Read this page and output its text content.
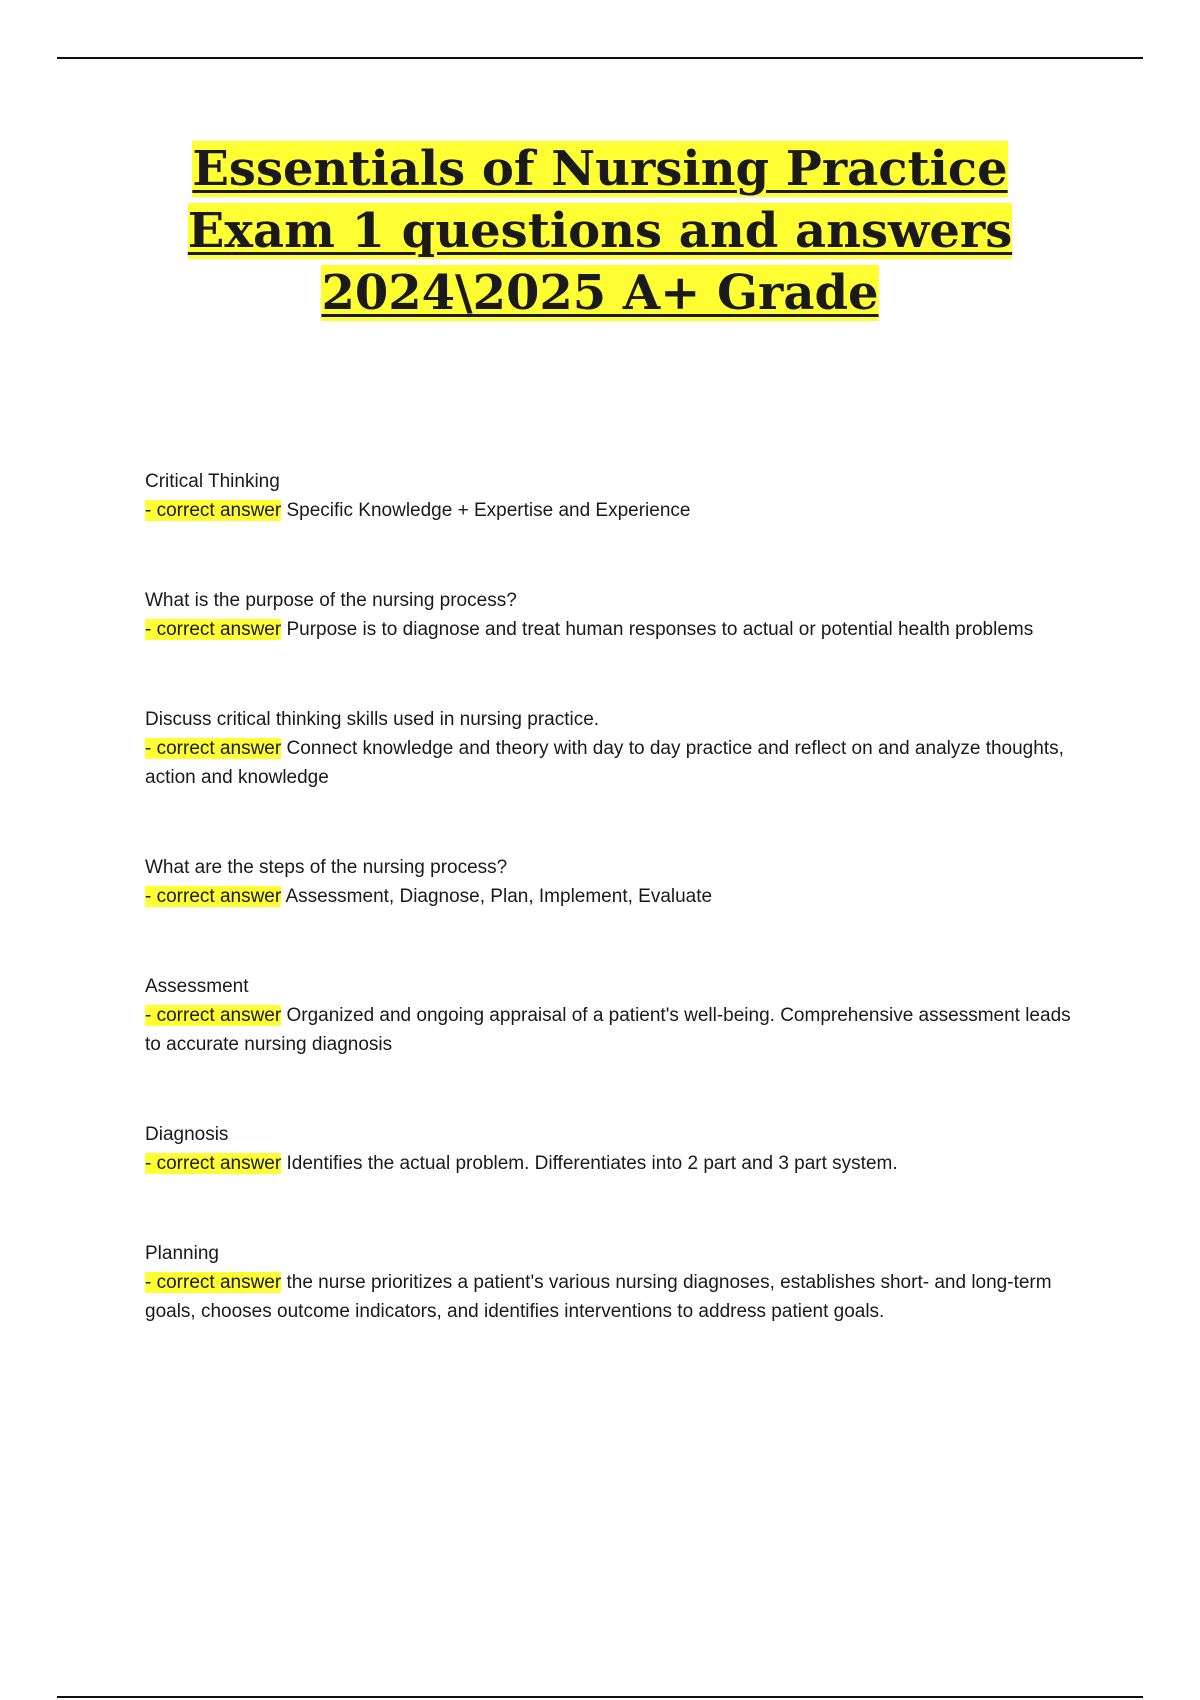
Essentials of Nursing Practice Exam 1 questions and answers 2024\2025 A+ Grade
Critical Thinking
- correct answer Specific Knowledge + Expertise and Experience
What is the purpose of the nursing process?
- correct answer Purpose is to diagnose and treat human responses to actual or potential health problems
Discuss critical thinking skills used in nursing practice.
- correct answer Connect knowledge and theory with day to day practice and reflect on and analyze thoughts, action and knowledge
What are the steps of the nursing process?
- correct answer Assessment, Diagnose, Plan, Implement, Evaluate
Assessment
- correct answer Organized and ongoing appraisal of a patient's well-being. Comprehensive assessment leads to accurate nursing diagnosis
Diagnosis
- correct answer Identifies the actual problem. Differentiates into 2 part and 3 part system.
Planning
- correct answer the nurse prioritizes a patient's various nursing diagnoses, establishes short- and long-term goals, chooses outcome indicators, and identifies interventions to address patient goals.
